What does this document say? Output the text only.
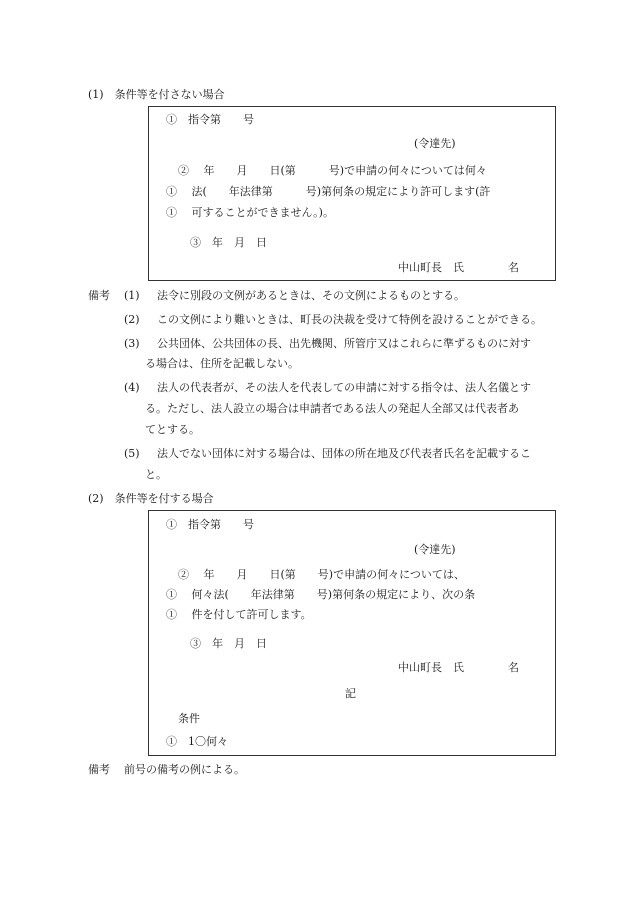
(1)　条件等を付さない場合
①　指令第　　号
(令達先)
②　 年　　月　　日(第　　　号)で申請の何々については何々
①　 法(　　年法律第　　　号)第何条の規定により許可します(許
①　 可することができません。)。
③　年　月　日
中山町長　氏　　　　名
備考 (1) 法令に別段の文例があるときは、その文例によるものとする。
(2) この文例により難いときは、町長の決裁を受けて特例を設けることができる。
(3) 公共団体、公共団体の長、出先機関、所管庁又はこれらに準ずるものに対す
る場合は、住所を記載しない。
(4) 法人の代表者が、その法人を代表しての申請に対する指令は、法人名儀とす
る。ただし、法人設立の場合は申請者である法人の発起人全部又は代表者あ
てとする。
(5) 法人でない団体に対する場合は、団体の所在地及び代表者氏名を記載するこ
と。
(2)　条件等を付する場合
①　指令第　　号
(令達先)
②　 年　　月　　日(第　　号)で申請の何々については、
①　 何々法(　　年法律第　　号)第何条の規定により、次の条
①　 件を付して許可します。
③　年　月　日
中山町長　氏　　　　名
記
条件
①　1〇何々
備考 前号の備考の例による。
